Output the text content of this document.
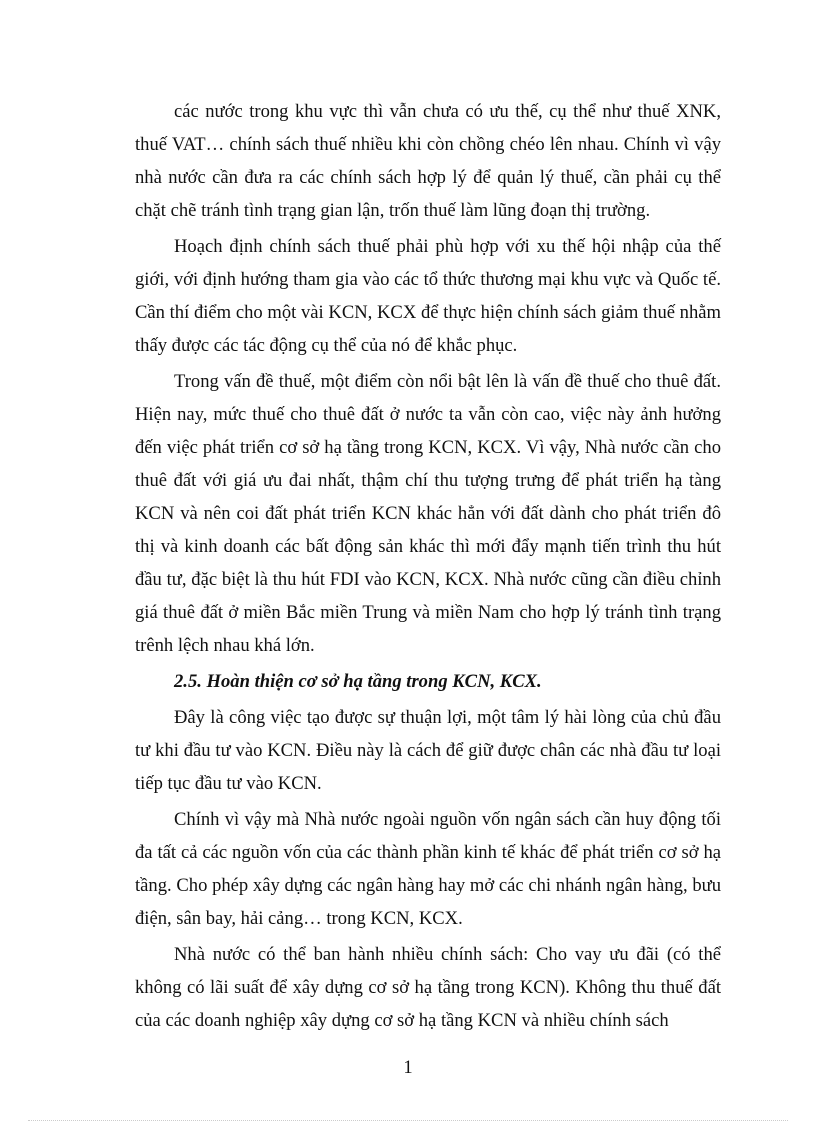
các nước trong khu vực thì vẫn chưa có ưu thế, cụ thể như thuế XNK, thuế VAT… chính sách thuế nhiều khi còn chồng chéo lên nhau. Chính vì vậy nhà nước cần đưa ra các chính sách hợp lý để quản lý thuế, cần phải cụ thể chặt chẽ tránh tình trạng gian lận, trốn thuế làm lũng đoạn thị trường.

Hoạch định chính sách thuế phải phù hợp với xu thế hội nhập của thế giới, với định hướng tham gia vào các tổ thức thương mại khu vực và Quốc tế. Cần thí điểm cho một vài KCN, KCX để thực hiện chính sách giảm thuế nhằm thấy được các tác động cụ thể của nó để khắc phục.

Trong vấn đề thuế, một điểm còn nổi bật lên là vấn đề thuế cho thuê đất. Hiện nay, mức thuế cho thuê đất ở nước ta vẫn còn cao, việc này ảnh hưởng đến việc phát triển cơ sở hạ tầng trong KCN, KCX. Vì vậy, Nhà nước cần cho thuê đất với giá ưu đai nhất, thậm chí thu tượng trưng để phát triển hạ tàng KCN và nên coi đất phát triển KCN khác hẳn với đất dành cho phát triển đô thị và kinh doanh các bất động sản khác thì mới đẩy mạnh tiến trình thu hút đầu tư, đặc biệt là thu hút FDI vào KCN, KCX. Nhà nước cũng cần điều chỉnh giá thuê đất ở miền Bắc miền Trung và miền Nam cho hợp lý tránh tình trạng trênh lệch nhau khá lớn.

2.5. Hoàn thiện cơ sở hạ tầng trong KCN, KCX.

Đây là công việc tạo được sự thuận lợi, một tâm lý hài lòng của chủ đầu tư khi đầu tư vào KCN. Điều này là cách để giữ được chân các nhà đầu tư loại tiếp tục đầu tư vào KCN.

Chính vì vậy mà Nhà nước ngoài nguồn vốn ngân sách cần huy động tối đa tất cả các nguồn vốn của các thành phần kinh tế khác để phát triển cơ sở hạ tầng. Cho phép xây dựng các ngân hàng hay mở các chi nhánh ngân hàng, bưu điện, sân bay, hải cảng… trong KCN, KCX.

Nhà nước có thể ban hành nhiều chính sách: Cho vay ưu đãi (có thể không có lãi suất để xây dựng cơ sở hạ tầng trong KCN). Không thu thuế đất của các doanh nghiệp xây dựng cơ sở hạ tầng KCN và nhiều chính sách

1
